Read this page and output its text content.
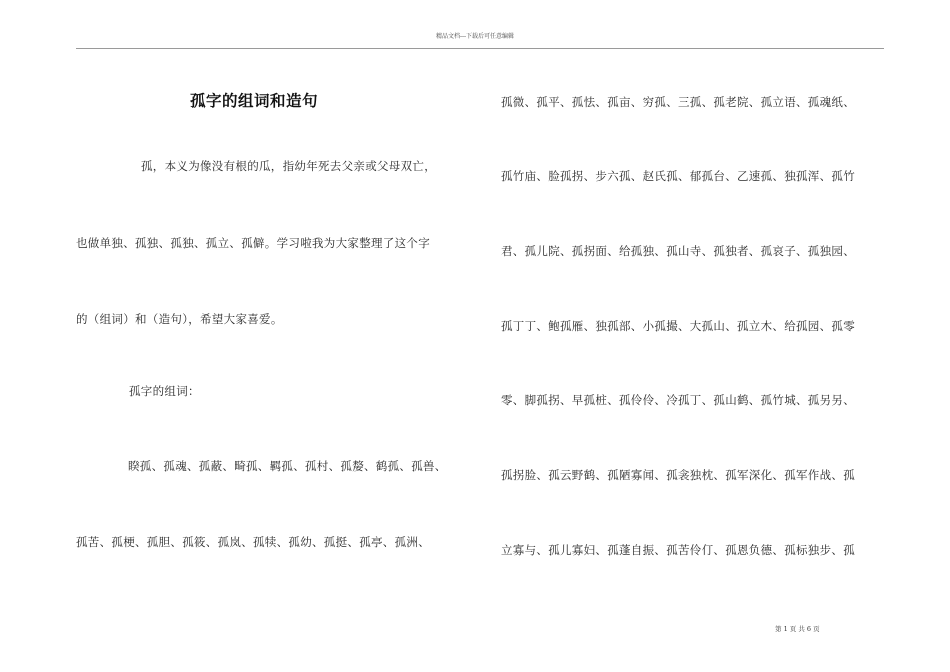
精品文档---下载后可任意编辑
孤字的组词和造句
孤，本义为像没有根的瓜，指幼年死去父亲或父母双亡，
也做单独、孤独、孤独、孤立、孤僻。学习啦我为大家整理了这个字
的（组词）和（造句），希望大家喜爱。
孤字的组词：
睽孤、孤魂、孤蔽、畸孤、羁孤、孤村、孤嫠、鹤孤、孤兽、
孤苦、孤梗、孤胆、孤筱、孤岚、孤犊、孤幼、孤挺、孤亭、孤洲、
孤微、孤平、孤怯、孤亩、穷孤、三孤、孤老院、孤立语、孤魂纸、
孤竹庙、脸孤拐、步六孤、赵氏孤、郁孤台、乙速孤、独孤浑、孤竹
君、孤儿院、孤拐面、给孤独、孤山寺、孤独者、孤哀子、孤独园、
孤丁丁、鲍孤雁、独孤部、小孤撮、大孤山、孤立木、给孤园、孤零
零、脚孤拐、早孤桩、孤伶伶、冷孤丁、孤山鹤、孤竹城、孤另另、
孤拐脸、孤云野鹤、孤陋寡闻、孤衾独枕、孤军深化、孤军作战、孤
立寡与、孤儿寡妇、孤蓬自振、孤苦伶仃、孤恩负德、孤标独步、孤
第 1 页 共 6 页
